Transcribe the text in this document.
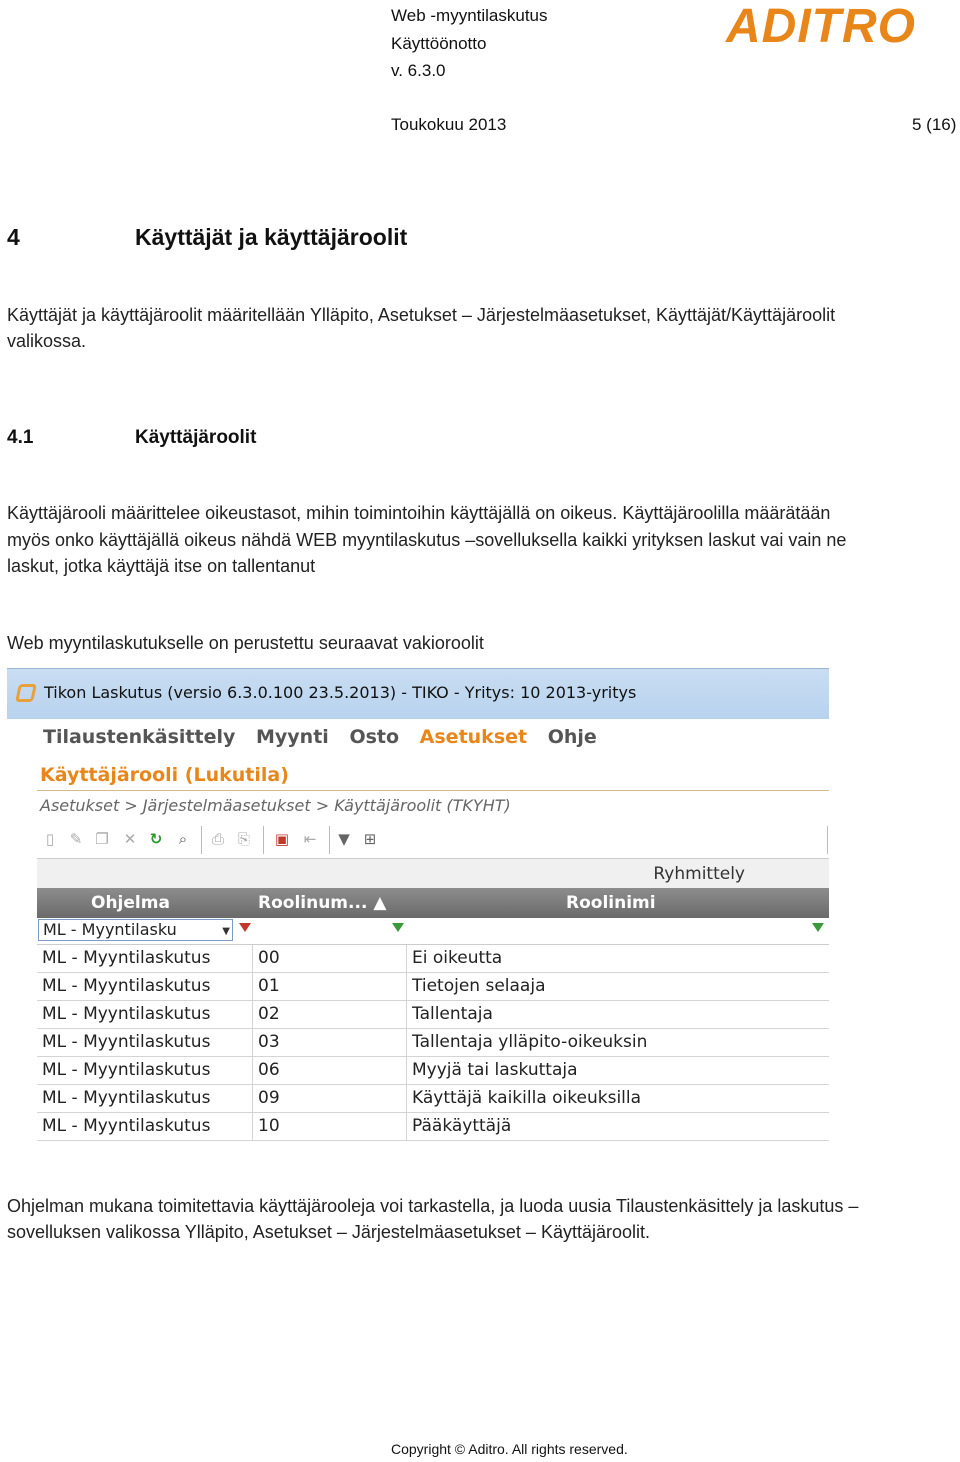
Web -myyntilaskutus
Käyttöönotto
v. 6.3.0
Toukokuu 2013	5 (16)
ADITRO
4	Käyttäjät ja käyttäjäroolit
Käyttäjät ja käyttäjäroolit määritellään Ylläpito, Asetukset – Järjestelmäasetukset, Käyttäjät/Käyttäjäroolit
valikossa.
4.1	Käyttäjäroolit
Käyttäjärooli määrittelee oikeustasot, mihin toimintoihin käyttäjällä on oikeus. Käyttäjäroolilla määrätään
myös onko käyttäjällä oikeus nähdä WEB myyntilaskutus –sovelluksella kaikki yrityksen laskut vai vain ne
laskut, jotka käyttäjä itse on tallentanut
Web myyntilaskutukselle on perustettu seuraavat vakioroolit
Tikon Laskutus (versio 6.3.0.100 23.5.2013) - TIKO - Yritys: 10 2013-yritys
Tilaustenkäsittely Myynti Osto Asetukset Ohje
Käyttäjärooli (Lukutila)
Asetukset > Järjestelmäasetukset > Käyttäjäroolit (TKYHT)
▯	✎ ❐ ✕ ↻	⌕	⎙ ⎘ ▣ ⇤ ▼ ⊞
Ryhmittely
Ohjelma	Roolinum... ▲	Roolinimi
ML - Myyntilasku	▼
ML - Myyntilaskutus	00	Ei oikeutta
ML - Myyntilaskutus	01	Tietojen selaaja
ML - Myyntilaskutus	02	Tallentaja
ML - Myyntilaskutus	03	Tallentaja ylläpito-oikeuksin
ML - Myyntilaskutus	06	Myyjä tai laskuttaja
ML - Myyntilaskutus	09	Käyttäjä kaikilla oikeuksilla
ML - Myyntilaskutus	10	Pääkäyttäjä
Ohjelman mukana toimitettavia käyttäjärooleja voi tarkastella, ja luoda uusia Tilaustenkäsittely ja laskutus –
sovelluksen valikossa Ylläpito, Asetukset – Järjestelmäasetukset – Käyttäjäroolit.
Copyright © Aditro. All rights reserved.
